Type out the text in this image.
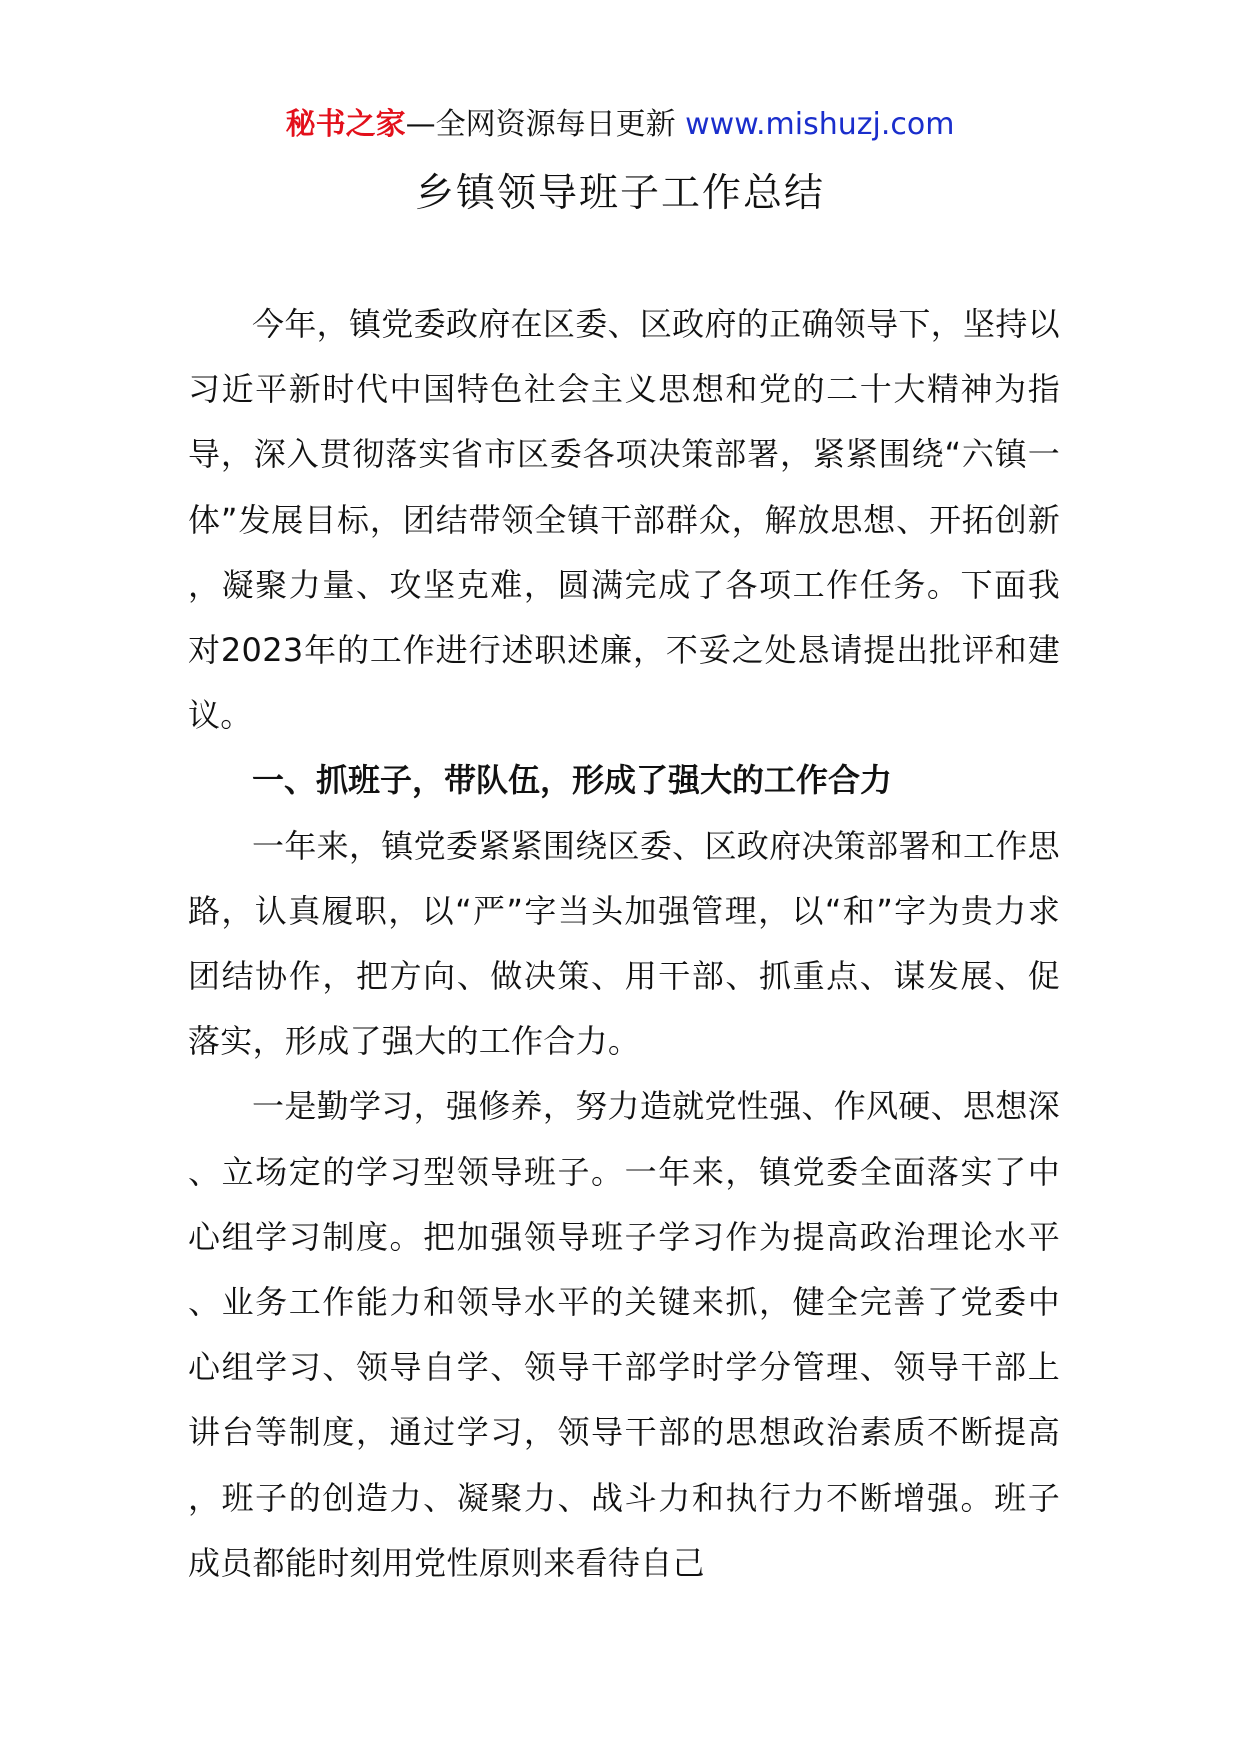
秘书之家—全网资源每日更新 www.mishuzj.com
乡镇领导班子工作总结

今年，镇党委政府在区委、区政府的正确领导下，坚持以习近平新时代中国特色社会主义思想和党的二十大精神为指导，深入贯彻落实省市区委各项决策部署，紧紧围绕“六镇一体”发展目标，团结带领全镇干部群众，解放思想、开拓创新，凝聚力量、攻坚克难，圆满完成了各项工作任务。下面我对2023年的工作进行述职述廉，不妥之处恳请提出批评和建议。

一、抓班子，带队伍，形成了强大的工作合力

一年来，镇党委紧紧围绕区委、区政府决策部署和工作思路，认真履职，以“严”字当头加强管理，以“和”字为贵力求团结协作，把方向、做决策、用干部、抓重点、谋发展、促落实，形成了强大的工作合力。

一是勤学习，强修养，努力造就党性强、作风硬、思想深、立场定的学习型领导班子。一年来，镇党委全面落实了中心组学习制度。把加强领导班子学习作为提高政治理论水平、业务工作能力和领导水平的关键来抓，健全完善了党委中心组学习、领导自学、领导干部学时学分管理、领导干部上讲台等制度，通过学习，领导干部的思想政治素质不断提高，班子的创造力、凝聚力、战斗力和执行力不断增强。班子成员都能时刻用党性原则来看待自己
